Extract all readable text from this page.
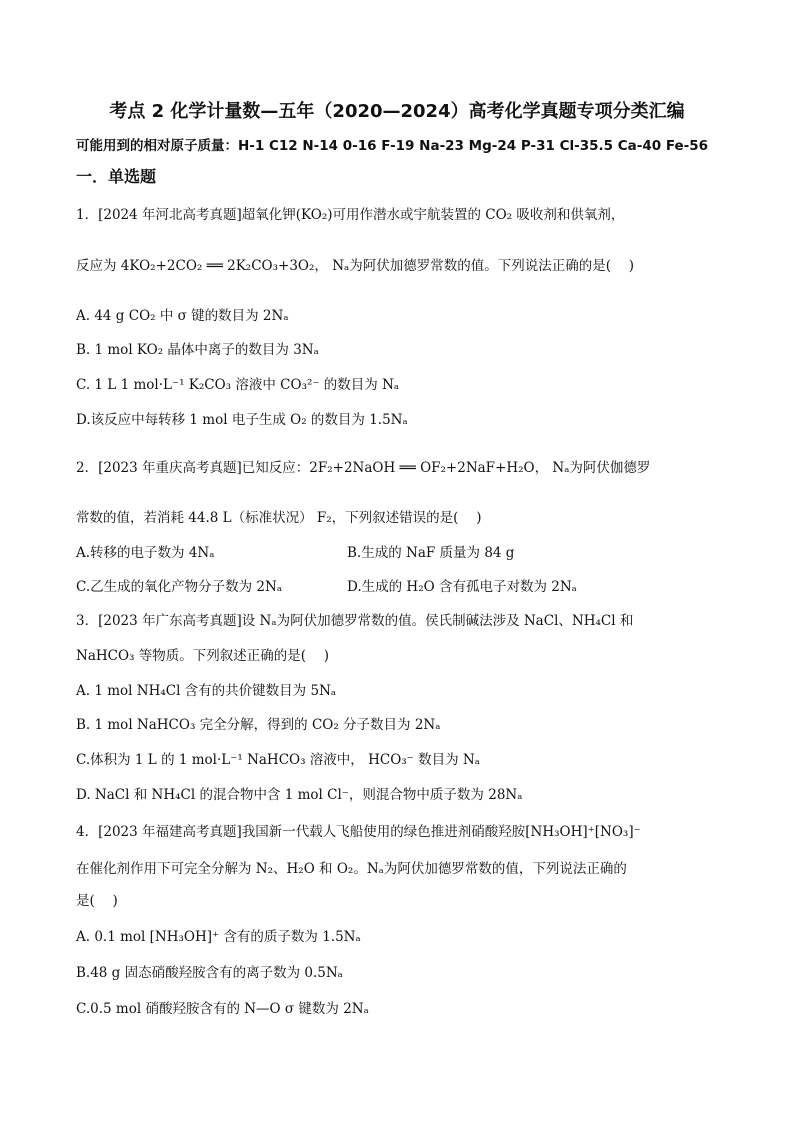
考点 2 化学计量数—五年（2020—2024）高考化学真题专项分类汇编
可能用到的相对原子质量：H-1 C12 N-14 0-16 F-19 Na-23 Mg-24 P-31 Cl-35.5 Ca-40 Fe-56
一．单选题
1．[2024 年河北高考真题]超氧化钾(KO₂)可用作潜水或宇航装置的 CO₂ 吸收剂和供氧剂，
反应为 4KO₂+2CO₂ ══ 2K₂CO₃+3O₂， Nₐ为阿伏加德罗常数的值。下列说法正确的是(　 )
A. 44 g CO₂ 中 σ 键的数目为 2Nₐ
B. 1 mol KO₂ 晶体中离子的数目为 3Nₐ
C. 1 L 1 mol·L⁻¹ K₂CO₃ 溶液中 CO₃²⁻ 的数目为 Nₐ
D.该反应中每转移 1 mol 电子生成 O₂ 的数目为 1.5Nₐ
2．[2023 年重庆高考真题]已知反应：2F₂+2NaOH ══ OF₂+2NaF+H₂O， Nₐ为阿伏伽德罗
常数的值，若消耗 44.8 L（标准状况） F₂，下列叙述错误的是(　 )
A.转移的电子数为 4Nₐ	B.生成的 NaF 质量为 84 g
C.乙生成的氧化产物分子数为 2Nₐ	D.生成的 H₂O 含有孤电子对数为 2Nₐ
3．[2023 年广东高考真题]设 Nₐ为阿伏加德罗常数的值。侯氏制碱法涉及 NaCl、NH₄Cl 和
NaHCO₃ 等物质。下列叙述正确的是(　 )
A. 1 mol NH₄Cl 含有的共价键数目为 5Nₐ
B. 1 mol NaHCO₃ 完全分解，得到的 CO₂ 分子数目为 2Nₐ
C.体积为 1 L 的 1 mol·L⁻¹ NaHCO₃ 溶液中， HCO₃⁻ 数目为 Nₐ
D. NaCl 和 NH₄Cl 的混合物中含 1 mol Cl⁻，则混合物中质子数为 28Nₐ
4．[2023 年福建高考真题]我国新一代载人飞船使用的绿色推进剂硝酸羟胺[NH₃OH]⁺[NO₃]⁻
在催化剂作用下可完全分解为 N₂、H₂O 和 O₂。Nₐ为阿伏加德罗常数的值，下列说法正确的
是(　 )
A. 0.1 mol [NH₃OH]⁺ 含有的质子数为 1.5Nₐ
B.48 g 固态硝酸羟胺含有的离子数为 0.5Nₐ
C.0.5 mol 硝酸羟胺含有的 N—O σ 键数为 2Nₐ
